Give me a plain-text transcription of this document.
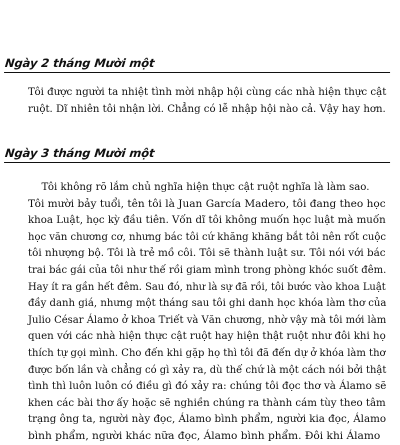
Ngày 2 tháng Mười một
Tôi được người ta nhiệt tình mời nhập hội cùng các nhà hiện thực cật
ruột. Dĩ nhiên tôi nhận lời. Chẳng có lễ nhập hội nào cả. Vậy hay hơn.
Ngày 3 tháng Mười một
Tôi không rõ lắm chủ nghĩa hiện thực cật ruột nghĩa là làm sao.
Tôi mười bảy tuổi, tên tôi là Juan García Madero, tôi đang theo học
khoa Luật, học kỳ đầu tiên. Vốn dĩ tôi không muốn học luật mà muốn
học văn chương cơ, nhưng bác tôi cứ khăng khăng bắt tôi nên rốt cuộc
tôi nhượng bộ. Tôi là trẻ mồ côi. Tôi sẽ thành luật sư. Tôi nói với bác
trai bác gái của tôi như thế rồi giam mình trong phòng khóc suốt đêm.
Hay ít ra gần hết đêm. Sau đó, như là sự đã rồi, tôi bước vào khoa Luật
đầy danh giá, nhưng một tháng sau tôi ghi danh học khóa làm thơ của
Julio César Álamo ở khoa Triết và Văn chương, nhờ vậy mà tôi mới làm
quen với các nhà hiện thực cật ruột hay hiện thật ruột như đôi khi họ
thích tự gọi mình. Cho đến khi gặp họ thì tôi đã đến dự ở khóa làm thơ
được bốn lần và chẳng có gì xảy ra, dù thế chứ là một cách nói bởi thật
tình thì luôn luôn có điều gì đó xảy ra: chúng tôi đọc thơ và Álamo sẽ
khen các bài thơ ấy hoặc sẽ nghiền chúng ra thành cám tùy theo tâm
trạng ông ta, người này đọc, Álamo bình phẩm, người kia đọc, Álamo
bình phẩm, người khác nữa đọc, Álamo bình phẩm. Đôi khi Álamo
